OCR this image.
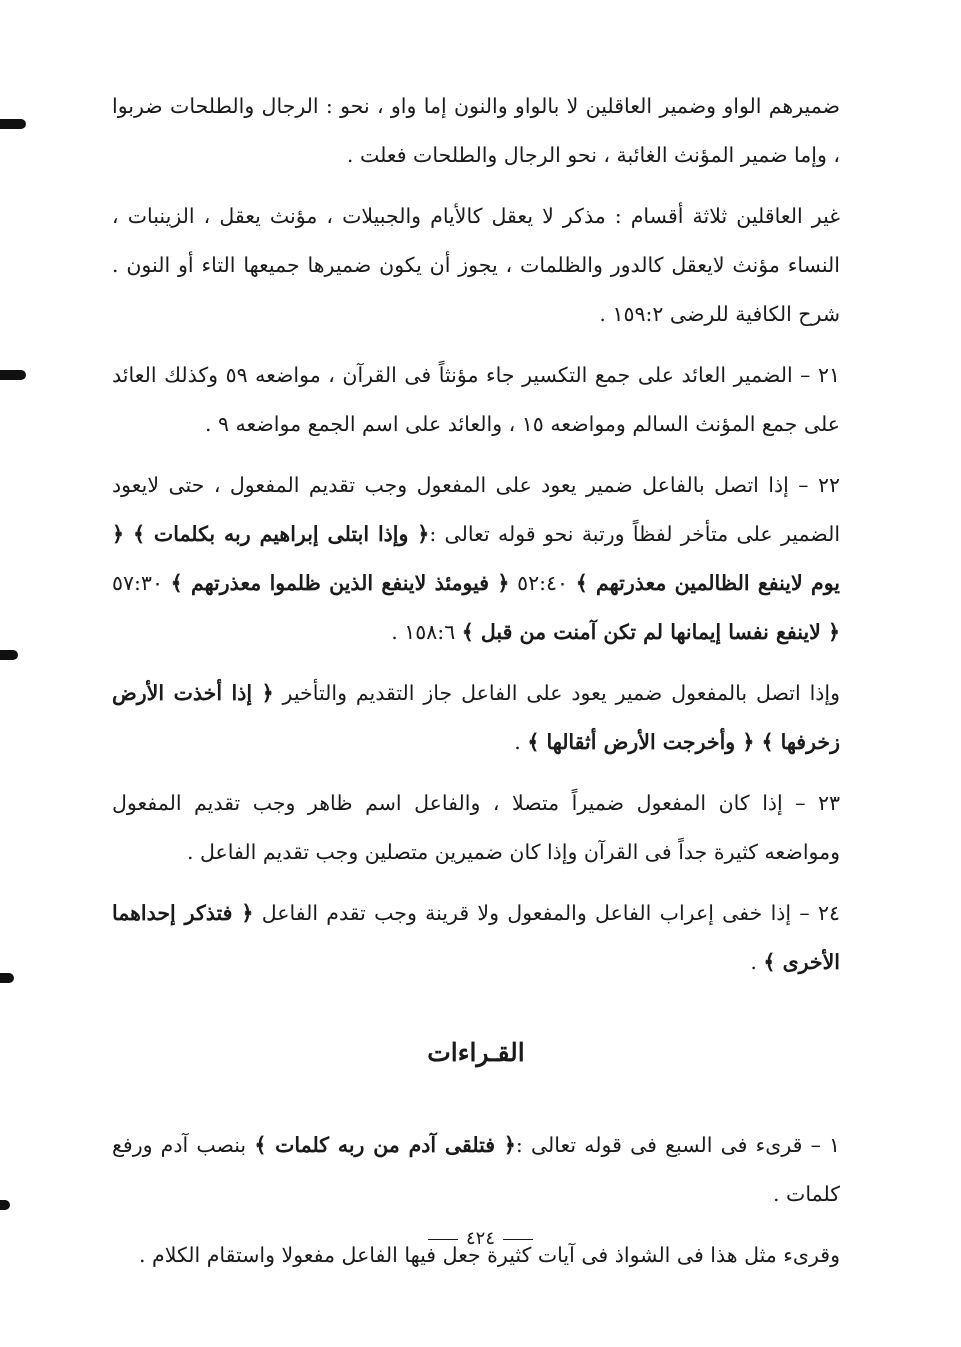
ضميرهم الواو وضمير العاقلين لا بالواو والنون إما واو ، نحو : الرجال والطلحات ضربوا ، وإما ضمير المؤنث الغائبة ، نحو الرجال والطلحات فعلت .

غير العاقلين ثلاثة أقسام : مذكر لا يعقل كالأيام والجبيلات ، مؤنث يعقل ، الزينبات ، النساء مؤنث لايعقل كالدور والظلمات ، يجوز أن يكون ضميرها جميعها التاء أو النون . شرح الكافية للرضى ١٥٩:٢ .

٢١ – الضمير العائد على جمع التكسير جاء مؤنثاً فى القرآن ، مواضعه ٥٩ وكذلك العائد على جمع المؤنث السالم ومواضعه ١٥ ، والعائد على اسم الجمع مواضعه ٩ .

٢٢ – إذا اتصل بالفاعل ضمير يعود على المفعول وجب تقديم المفعول ، حتى لايعود الضمير على متأخر لفظاً ورتبة نحو قوله تعالى :﴿ وإذا ابتلى إبراهيم ربه بكلمات ﴾ ﴿ يوم لاينفع الظالمين معذرتهم ﴾ ٥٢:٤٠ ﴿ فيومئذ لاينفع الذين ظلموا معذرتهم ﴾ ٥٧:٣٠ ﴿ لاينفع نفسا إيمانها لم تكن آمنت من قبل ﴾ ١٥٨:٦ .

وإذا اتصل بالمفعول ضمير يعود على الفاعل جاز التقديم والتأخير ﴿ إذا أخذت الأرض زخرفها ﴾ ﴿ وأخرجت الأرض أثقالها ﴾ .

٢٣ – إذا كان المفعول ضميراً متصلا ، والفاعل اسم ظاهر وجب تقديم المفعول ومواضعه كثيرة جداً فى القرآن وإذا كان ضميرين متصلين وجب تقديم الفاعل .

٢٤ – إذا خفى إعراب الفاعل والمفعول ولا قرينة وجب تقدم الفاعل ﴿ فتذكر إحداهما الأخرى ﴾ .

القـراءات

١ – قرىء فى السبع فى قوله تعالى :﴿ فتلقى آدم من ربه كلمات ﴾ بنصب آدم ورفع كلمات .

وقرىء مثل هذا فى الشواذ فى آيات كثيرة جعل فيها الفاعل مفعولا واستقام الكلام .

٤٢٤
